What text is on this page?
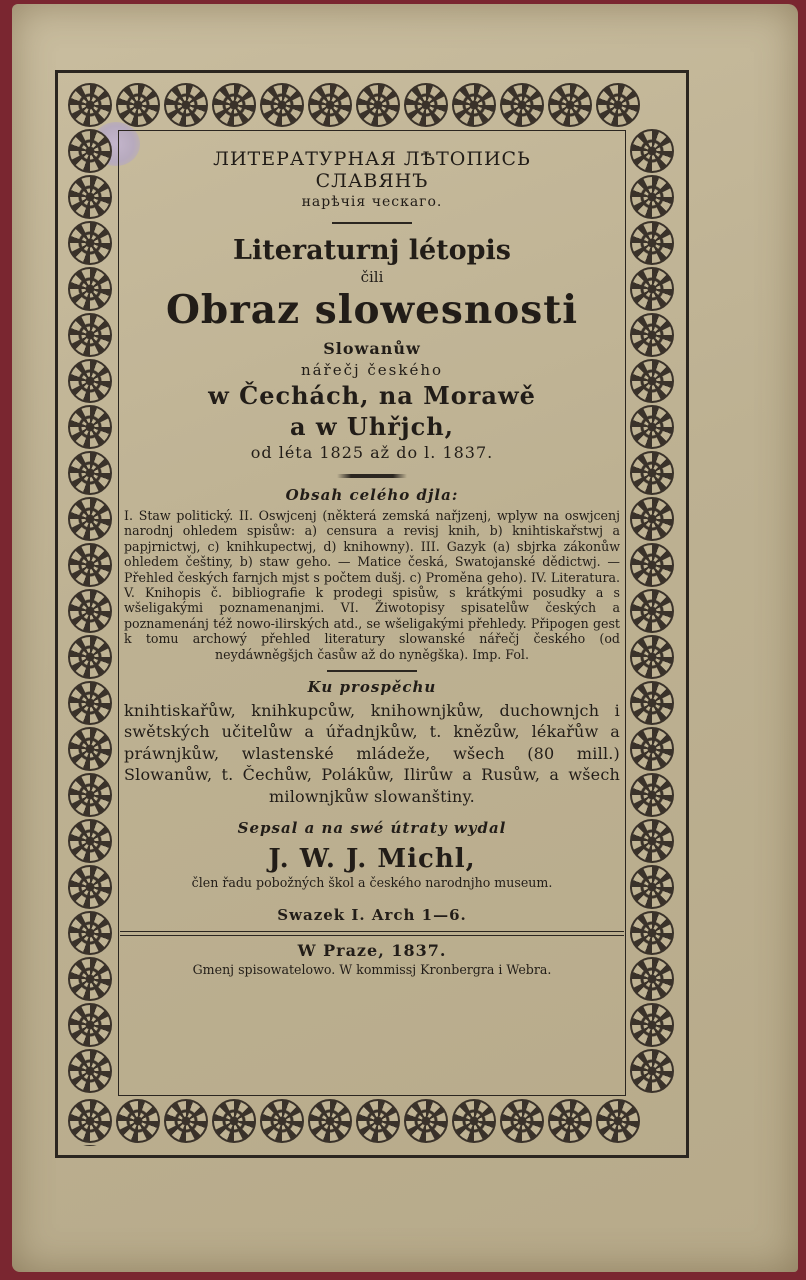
ЛИТЕРАТУРНАЯ ЛѢТОПИСЬ
СЛАВЯНЪ
нарѣчія ческаго.
Literaturnj létopis
čili
Obraz slowesnosti
Slowanůw
nářečj českého
w Čechách, na Morawě
a w Uhřjch,
od léta 1825 až do l. 1837.
Obsah celého djla:

I. Staw politický. II. Oswjcenj (některá zemská nařjzenj, wplyw na oswjcenj narodnj ohledem spisůw: a) censura a revisj knih, b) knihtiskařstwj a papjrnictwj, c) knihkupectwj, d) knihowny). III. Gazyk (a) sbjrka zákonůw ohledem češtiny, b) staw geho. — Matice česká, Swatojanské dědictwj. — Přehled českých farnjch mjst s počtem dušj. c) Proměna geho). IV. Literatura. V. Knihopis č. bibliografie k prodegi spisůw, s krátkými posudky a s wšeligakými poznamenanjmi. VI. Žiwotopisy spisatelůw českých a poznamenánj též nowo-ilirských atd., se wšeligakými přehledy. Připogen gest k tomu archowý přehled literatury slowanské nářečj českého (od neydáwněgšjch časůw až do nyněgška). Imp. Fol.

Ku prospěchu

knihtiskařůw, knihkupcůw, knihownjkůw, duchownjch i swětských učitelůw a úřadnjkůw, t. knězůw, lékařůw a práwnjkůw, wlastenské mládeže, wšech (80 mill.) Slowanůw, t. Čechůw, Polákůw, Ilirůw a Rusůw, a wšech milownjkůw slowanštiny.

Sepsal a na swé útraty wydal
J. W. J. Michl,
člen řadu pobožných škol a českého narodnjho museum.
Swazek I. Arch 1—6.
W Praze, 1837.
Gmenj spisowatelowo. W kommissj Kronbergra i Webra.
